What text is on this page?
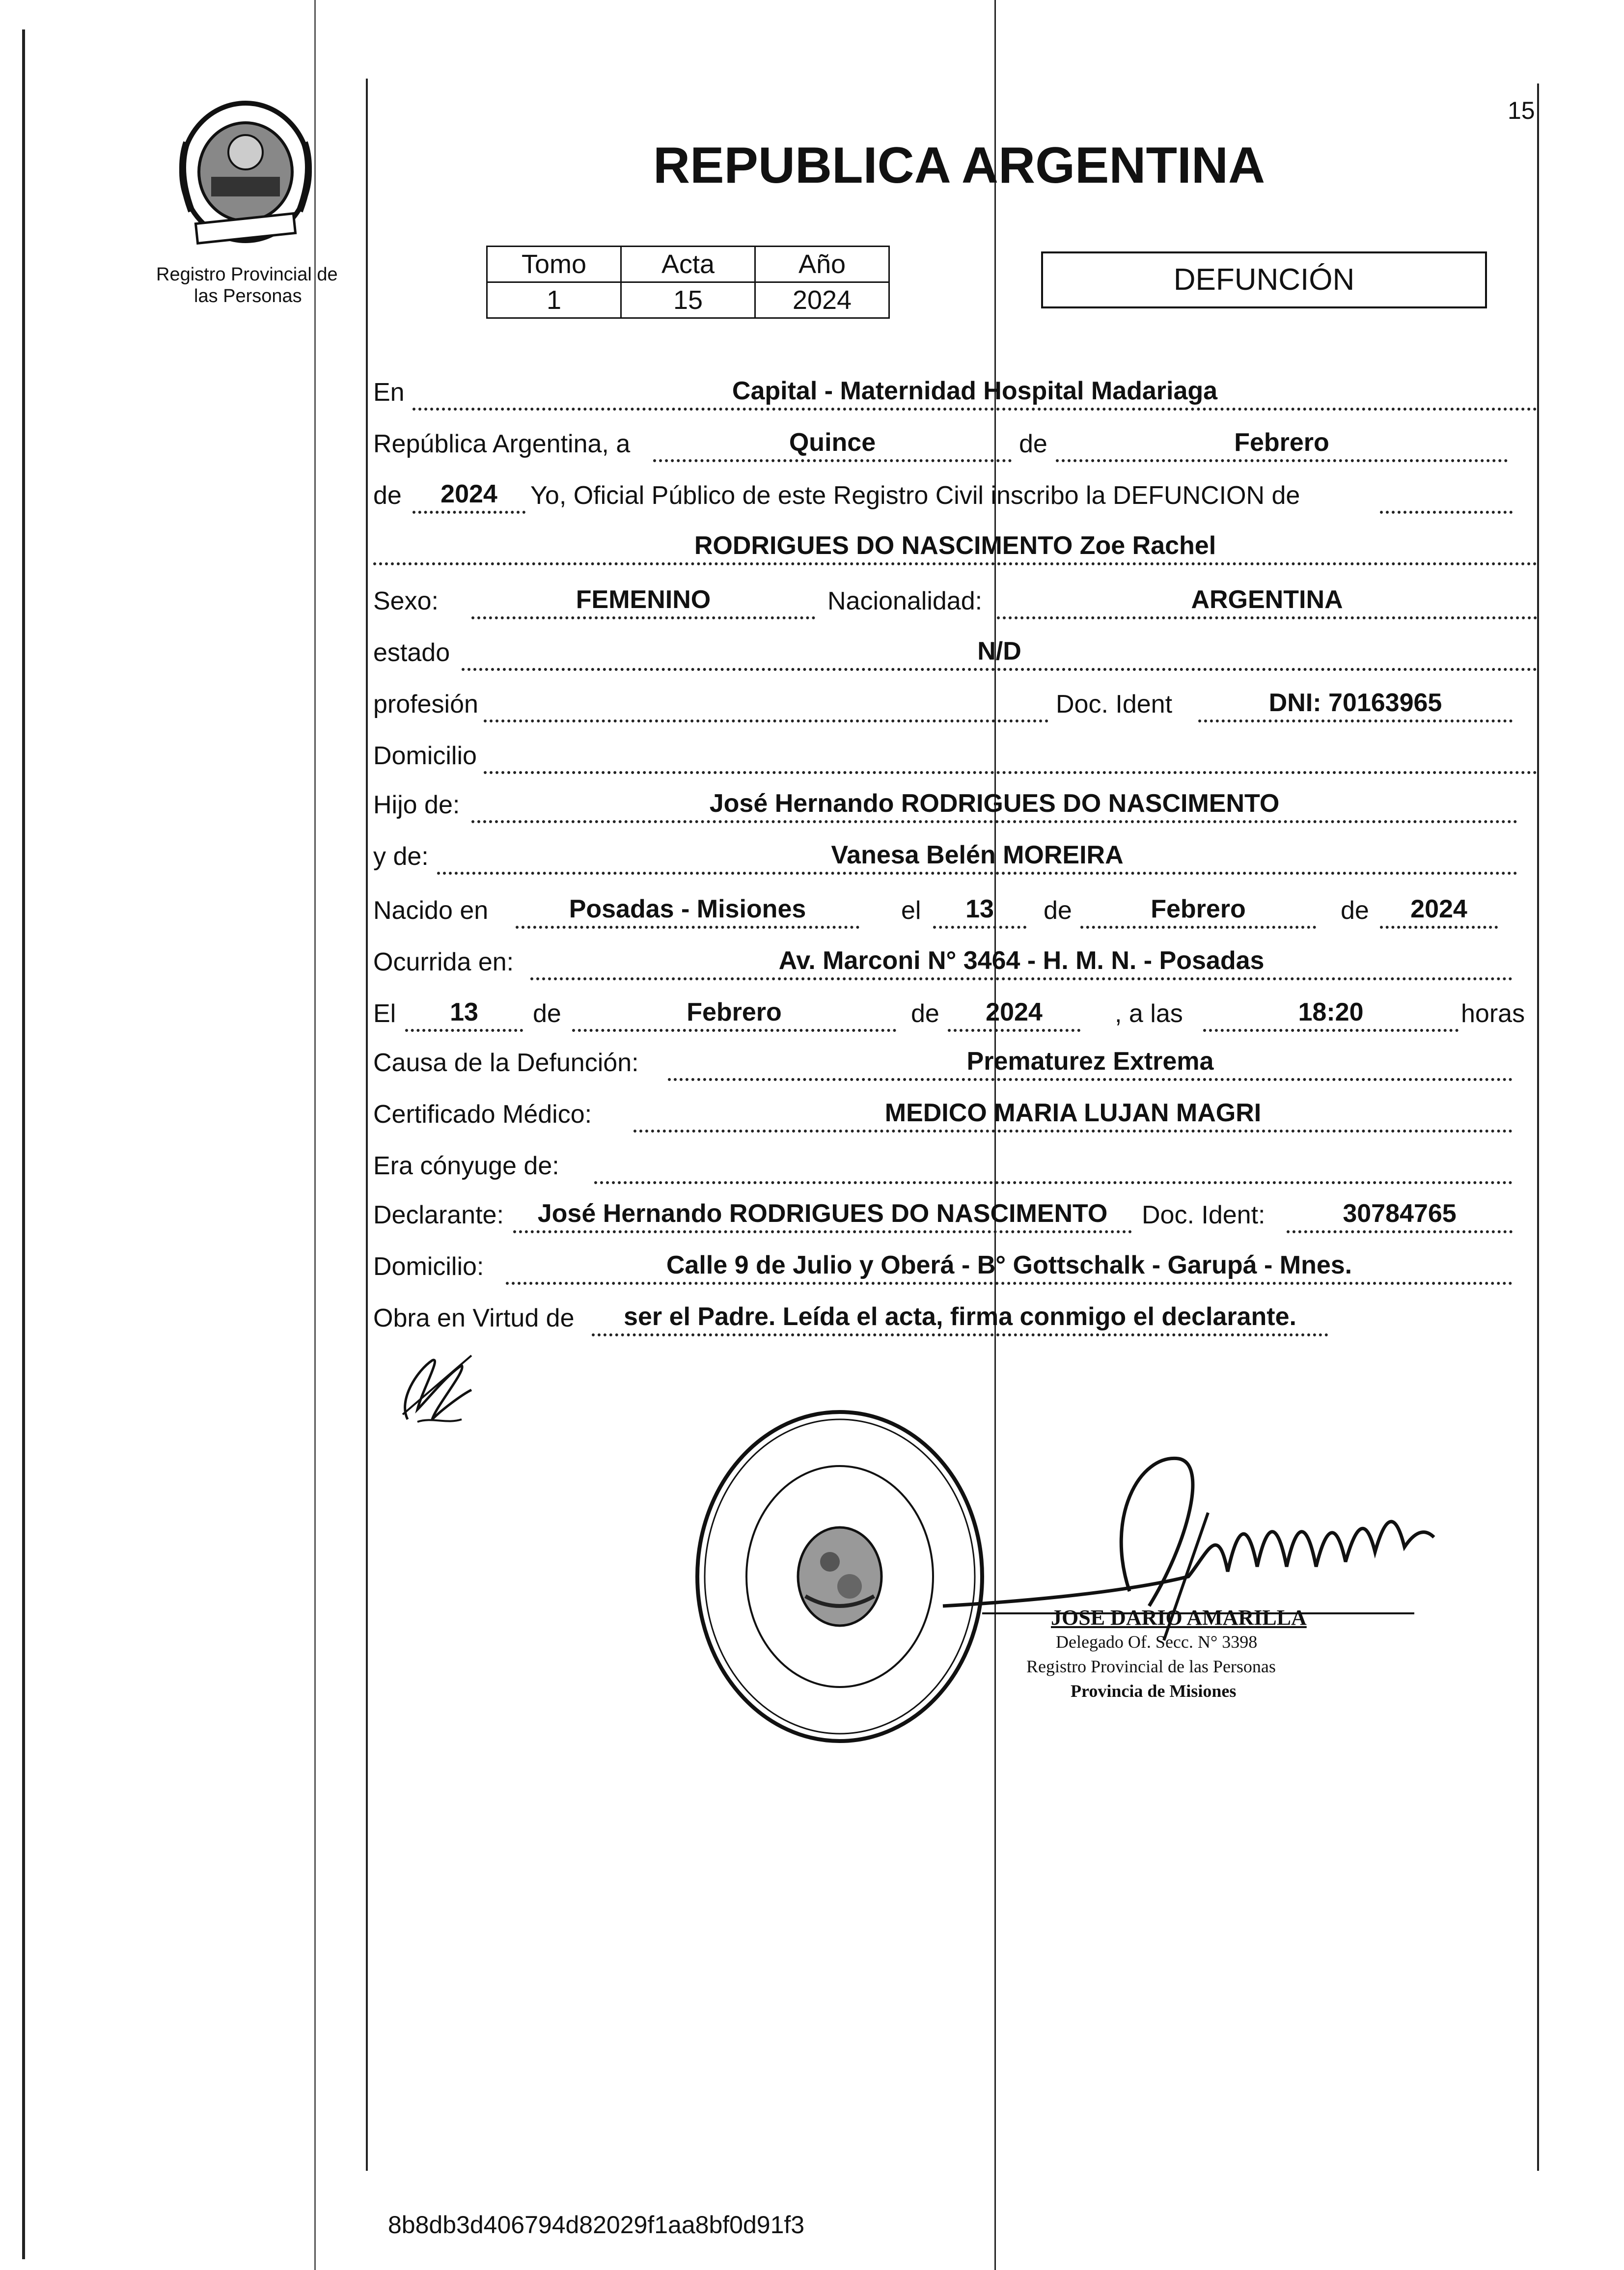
15
Registro Provincial de
las Personas
REPUBLICA ARGENTINA
Tomo	Acta	Año
1	15	2024
DEFUNCIÓN
En	Capital - Maternidad Hospital Madariaga
República Argentina, a	Quince	de	Febrero
de	2024	Yo, Oficial Público de este Registro Civil inscribo la DEFUNCION de
RODRIGUES DO NASCIMENTO Zoe Rachel
Sexo:	FEMENINO	Nacionalidad:	ARGENTINA
estado	N/D
profesión	Doc. Ident	DNI: 70163965
Domicilio
Hijo de:	José Hernando RODRIGUES DO NASCIMENTO
y de:	Vanesa Belén MOREIRA
Nacido en	Posadas - Misiones	el	13	de	Febrero	de	2024
Ocurrida en:	Av. Marconi N° 3464 - H. M. N. - Posadas
El	13	de	Febrero	de	2024	, a las	18:20	horas
Causa de la Defunción:	Prematurez Extrema
Certificado Médico:	MEDICO MARIA LUJAN MAGRI
Era cónyuge de:
Declarante:	José Hernando RODRIGUES DO NASCIMENTO	Doc. Ident:	30784765
Domicilio:	Calle 9 de Julio y Oberá - B° Gottschalk - Garupá - Mnes.
Obra en Virtud de	ser el Padre. Leída el acta, firma conmigo el declarante.
JOSE DARIO AMARILLA
Delegado Of. Secc. N° 3398
Registro Provincial de las Personas
Provincia de Misiones
8b8db3d406794d82029f1aa8bf0d91f3
